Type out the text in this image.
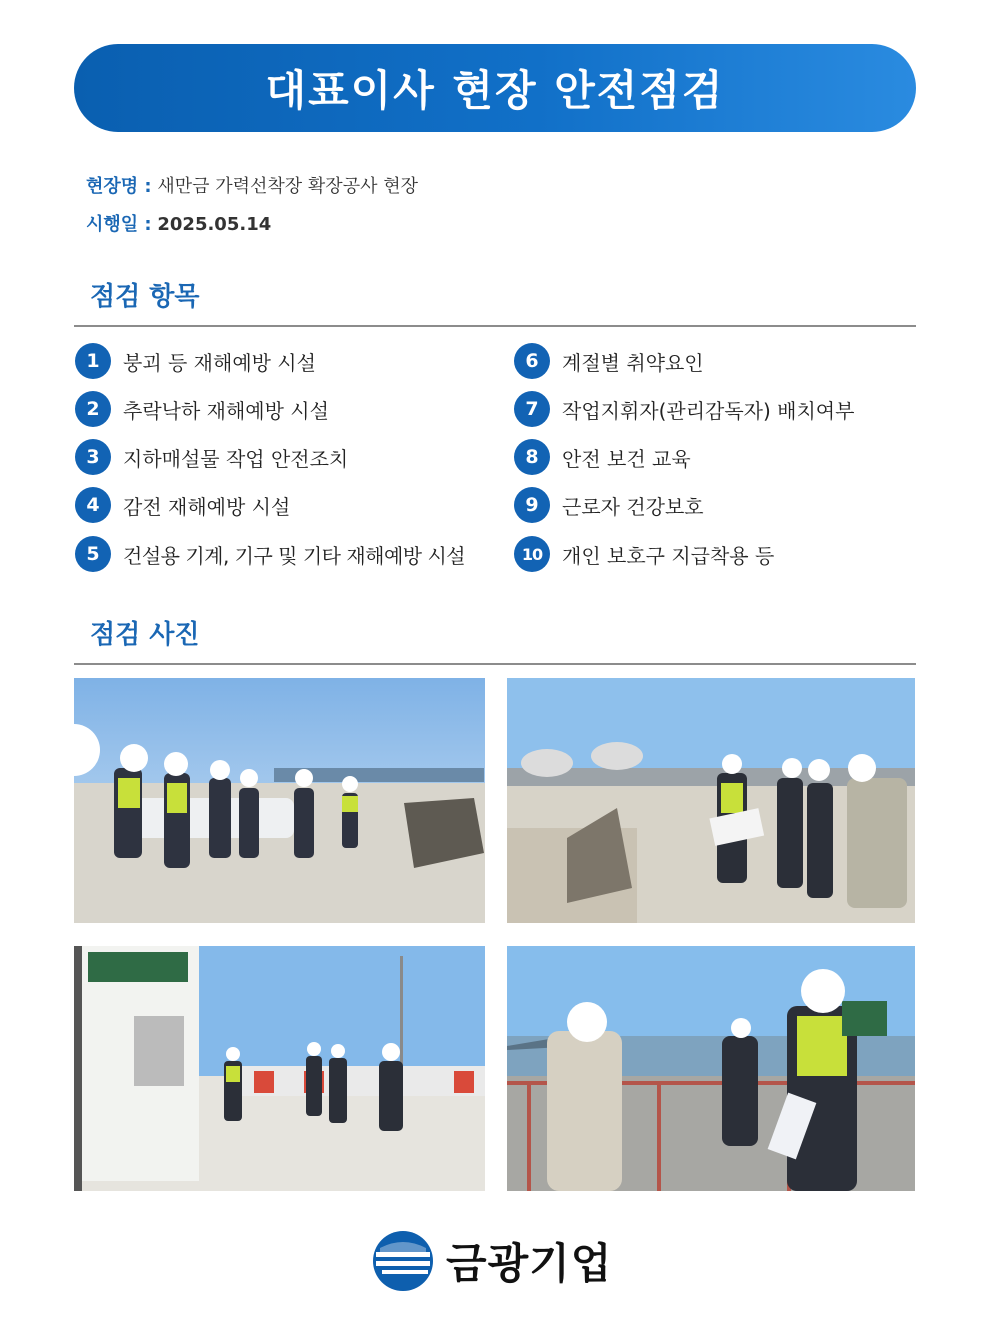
대표이사 현장 안전점검
현장명 : 새만금 가력선착장 확장공사 현장
시행일 : 2025.05.14
점검 항목
1	붕괴 등 재해예방 시설
2	추락낙하 재해예방 시설
3	지하매설물 작업 안전조치
4	감전 재해예방 시설
5	건설용 기계, 기구 및 기타 재해예방 시설
6	계절별 취약요인
7	작업지휘자(관리감독자) 배치여부
8	안전 보건 교육
9	근로자 건강보호
10 개인 보호구 지급착용 등
점검 사진
금광기업
